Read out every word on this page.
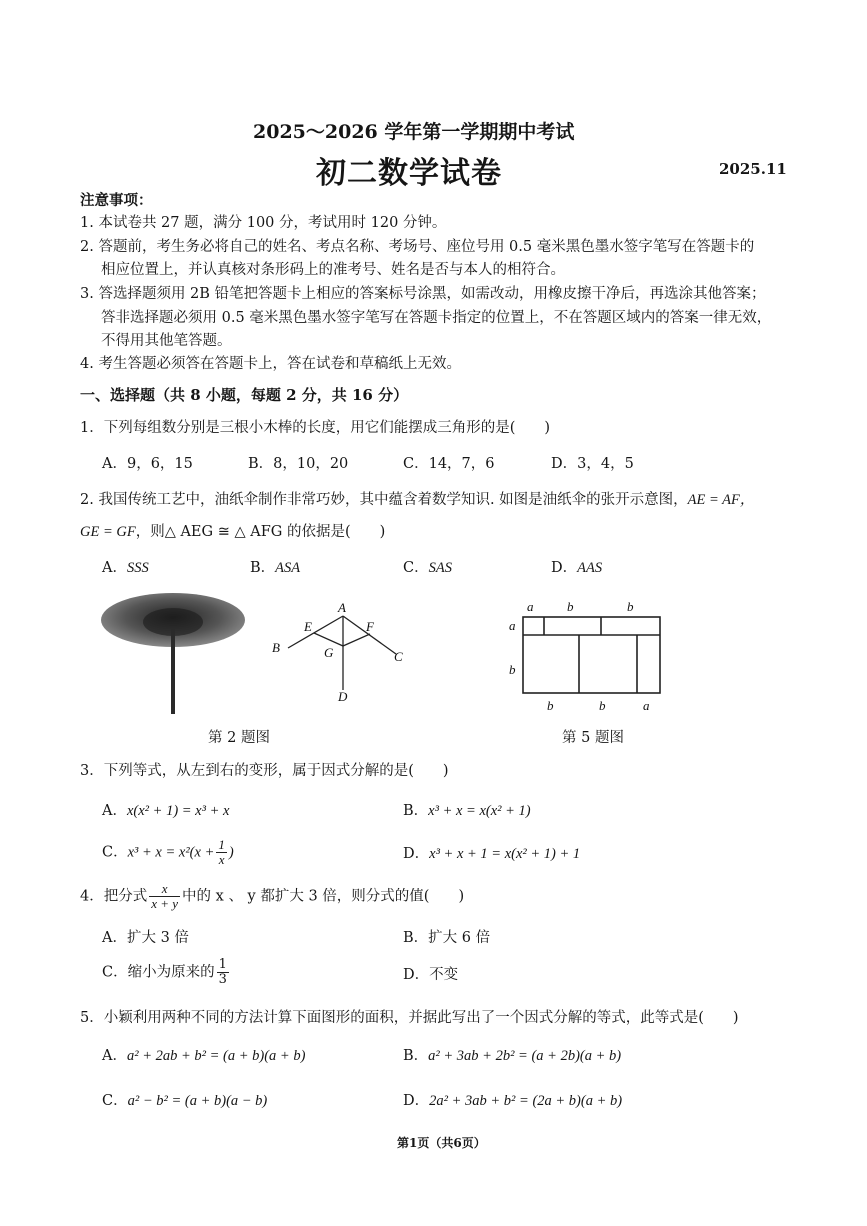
2025～2026 学年第一学期期中考试
初二数学试卷	2025.11
注意事项：
1. 本试卷共 27 题，满分 100 分，考试用时 120 分钟。
2. 答题前，考生务必将自己的姓名、考点名称、考场号、座位号用 0.5 毫米黑色墨水签字笔写在答题卡的
相应位置上，并认真核对条形码上的准考号、姓名是否与本人的相符合。
3. 答选择题须用 2B 铅笔把答题卡上相应的答案标号涂黑，如需改动，用橡皮擦干净后，再选涂其他答案；
答非选择题必须用 0.5 毫米黑色墨水签字笔写在答题卡指定的位置上，不在答题区域内的答案一律无效，
不得用其他笔答题。
4. 考生答题必须答在答题卡上，答在试卷和草稿纸上无效。
一、选择题（共 8 小题，每题 2 分，共 16 分）
1．下列每组数分别是三根小木棒的长度，用它们能摆成三角形的是(　　)
A．9，6，15	B．8，10，20	C．14，7，6	D．3，4，5
2. 我国传统工艺中，油纸伞制作非常巧妙，其中蕴含着数学知识. 如图是油纸伞的张开示意图，AE = AF，
GE = GF，则△ AEG ≅ △ AFG 的依据是(　　)
A．SSS	B．ASA	C．SAS	D．AAS
A
E	F
B	G	C
D
第 2 题图
a	b	b
a
b
b	b	a
第 5 题图
3．下列等式，从左到右的变形，属于因式分解的是(　　)
A．x(x² + 1) = x³ + x	B．x³ + x = x(x² + 1)
C．$x^3 + x = x^2(x + \frac{1}{x}$ )	D．x³ + x + 1 = x(x² + 1) + 1
4．把分式 $\frac{x}{x + y}$ 中的 x 、 y 都扩大 3 倍，则分式的值(　　)
A．扩大 3 倍	B．扩大 6 倍
C．缩小为原来的 $\frac{1}{3}$	D．不变
5．小颖利用两种不同的方法计算下面图形的面积，并据此写出了一个因式分解的等式，此等式是(　　)
A．a² + 2ab + b² = (a + b)(a + b)	B．a² + 3ab + 2b² = (a + 2b)(a + b)
C．a² − b² = (a + b)(a − b)	D．2a² + 3ab + b² = (2a + b)(a + b)
第1页（共6页）
